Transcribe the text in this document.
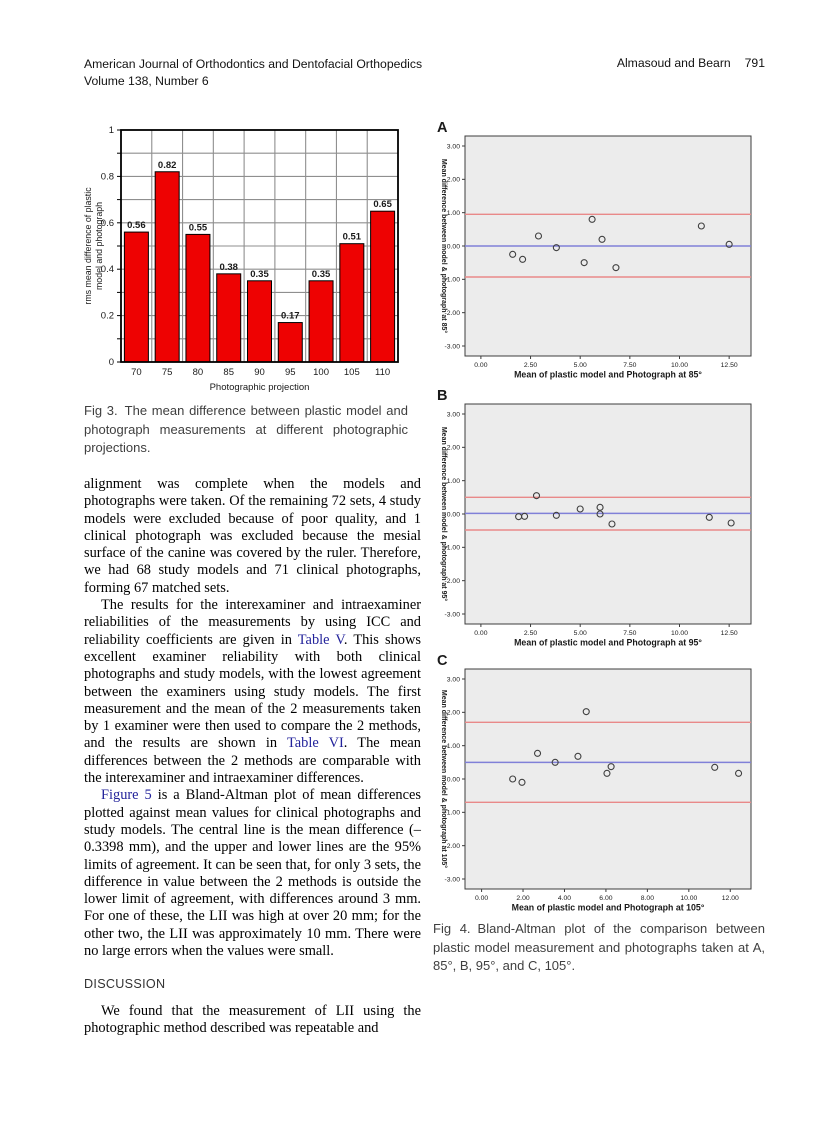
American Journal of Orthodontics and Dentofacial Orthopedics
Volume 138, Number 6
Almasoud and Bearn 791
0.56
70
0.82
75
0.55
80
0.38
85
0.35
90
0.17
95
0.35
100
0.51
105
0.65
110
0
0.2
0.4
0.6
0.8
1
Photographic projection
rms mean difference of plastic model and photograph

Fig 3. The mean difference between plastic model and photograph measurements at different photographic projections.

alignment was complete when the models and photographs were taken. Of the remaining 72 sets, 4 study models were excluded because of poor quality, and 1 clinical photograph was excluded because the mesial surface of the canine was covered by the ruler. Therefore, we had 68 study models and 71 clinical photographs, forming 67 matched sets.

The results for the interexaminer and intraexaminer reliabilities of the measurements by using ICC and reliability coefficients are given in Table V. This shows excellent examiner reliability with both clinical photographs and study models, with the lowest agreement between the examiners using study models. The first measurement and the mean of the 2 measurements taken by 1 examiner were then used to compare the 2 methods, and the results are shown in Table VI. The mean differences between the 2 methods are comparable with the interexaminer and intraexaminer differences.

Figure 5 is a Bland-Altman plot of mean differences plotted against mean values for clinical photographs and study models. The central line is the mean difference (–0.3398 mm), and the upper and lower lines are the 95% limits of agreement. It can be seen that, for only 3 sets, the difference in value between the 2 methods is outside the lower limit of agreement, with differences around 3 mm. For one of these, the LII was high at over 20 mm; for the other two, the LII was approximately 10 mm. There were no large errors when the values were small.

DISCUSSION

We found that the measurement of LII using the photographic method described was repeatable and

-3.00
-2.00
-1.00
0.00
1.00
2.00
3.00
0.00	2.50	5.00	7.50	10.00	12.50
Mean of plastic model and Photograph at 85°
Mean difference between model & photograph at 85°
A
-3.00
-2.00
-1.00
0.00
1.00
2.00
3.00
0.00	2.50	5.00	7.50	10.00	12.50
Mean of plastic model and Photograph at 95°
Mean difference between model & photograph at 95°
B
-3.00
-2.00
-1.00
0.00
1.00
2.00
3.00
0.00	2.00	4.00	6.00	8.00	10.00	12.00
Mean of plastic model and Photograph at 105°
Mean difference between model & photograph at 105°
C

Fig 4. Bland-Altman plot of the comparison between plastic model measurement and photographs taken at A, 85°, B, 95°, and C, 105°.
